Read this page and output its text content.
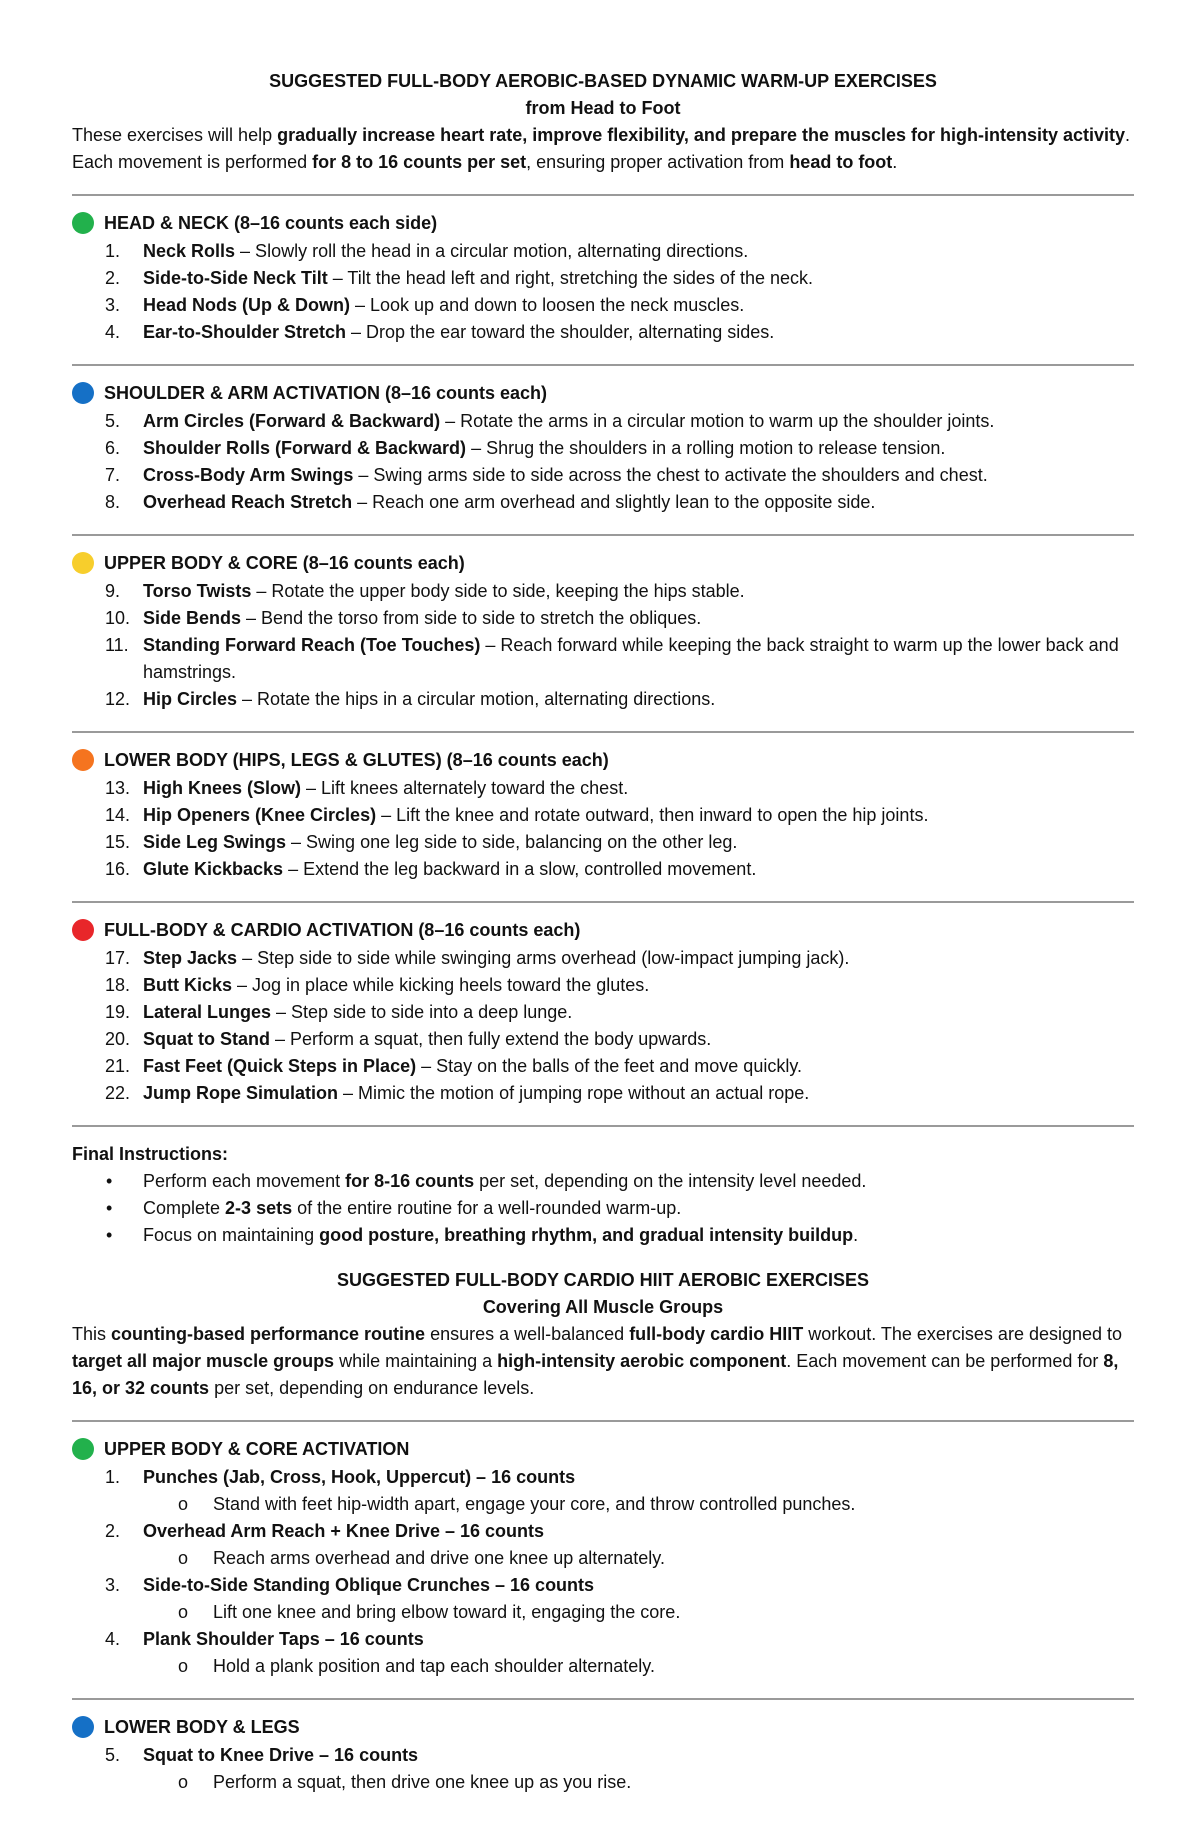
SUGGESTED FULL-BODY AEROBIC-BASED DYNAMIC WARM-UP EXERCISES
from Head to Foot

These exercises will help gradually increase heart rate, improve flexibility, and prepare the muscles for high-intensity activity.
Each movement is performed for 8 to 16 counts per set, ensuring proper activation from head to foot.

HEAD & NECK (8–16 counts each side)
1.	Neck Rolls – Slowly roll the head in a circular motion, alternating directions.
2.	Side-to-Side Neck Tilt – Tilt the head left and right, stretching the sides of the neck.
3.	Head Nods (Up & Down) – Look up and down to loosen the neck muscles.
4.	Ear-to-Shoulder Stretch – Drop the ear toward the shoulder, alternating sides.
SHOULDER & ARM ACTIVATION (8–16 counts each)
5.	Arm Circles (Forward & Backward) – Rotate the arms in a circular motion to warm up the shoulder joints.
6.	Shoulder Rolls (Forward & Backward) – Shrug the shoulders in a rolling motion to release tension.
7.	Cross-Body Arm Swings – Swing arms side to side across the chest to activate the shoulders and chest.
8.	Overhead Reach Stretch – Reach one arm overhead and slightly lean to the opposite side.
UPPER BODY & CORE (8–16 counts each)
9.	Torso Twists – Rotate the upper body side to side, keeping the hips stable.
10. Side Bends – Bend the torso from side to side to stretch the obliques.
11. Standing Forward Reach (Toe Touches) – Reach forward while keeping the back straight to warm up the lower back and hamstrings.
12. Hip Circles – Rotate the hips in a circular motion, alternating directions.
LOWER BODY (HIPS, LEGS & GLUTES) (8–16 counts each)
13. High Knees (Slow) – Lift knees alternately toward the chest.
14. Hip Openers (Knee Circles) – Lift the knee and rotate outward, then inward to open the hip joints.
15. Side Leg Swings – Swing one leg side to side, balancing on the other leg.
16. Glute Kickbacks – Extend the leg backward in a slow, controlled movement.
FULL-BODY & CARDIO ACTIVATION (8–16 counts each)
17. Step Jacks – Step side to side while swinging arms overhead (low-impact jumping jack).
18. Butt Kicks – Jog in place while kicking heels toward the glutes.
19. Lateral Lunges – Step side to side into a deep lunge.
20. Squat to Stand – Perform a squat, then fully extend the body upwards.
21. Fast Feet (Quick Steps in Place) – Stay on the balls of the feet and move quickly.
22. Jump Rope Simulation – Mimic the motion of jumping rope without an actual rope.
Final Instructions:
•	Perform each movement for 8-16 counts per set, depending on the intensity level needed.
•	Complete 2-3 sets of the entire routine for a well-rounded warm-up.
•	Focus on maintaining good posture, breathing rhythm, and gradual intensity buildup.
SUGGESTED FULL-BODY CARDIO HIIT AEROBIC EXERCISES
Covering All Muscle Groups

This counting-based performance routine ensures a well-balanced full-body cardio HIIT workout. The exercises are designed to target all major muscle groups while maintaining a high-intensity aerobic component. Each movement can be performed for 8, 16, or 32 counts per set, depending on endurance levels.

UPPER BODY & CORE ACTIVATION
1.	Punches (Jab, Cross, Hook, Uppercut) – 16 counts
o	Stand with feet hip-width apart, engage your core, and throw controlled punches.
2.	Overhead Arm Reach + Knee Drive – 16 counts
o	Reach arms overhead and drive one knee up alternately.
3.	Side-to-Side Standing Oblique Crunches – 16 counts
o	Lift one knee and bring elbow toward it, engaging the core.
4.	Plank Shoulder Taps – 16 counts
o	Hold a plank position and tap each shoulder alternately.
LOWER BODY & LEGS
5.	Squat to Knee Drive – 16 counts
o	Perform a squat, then drive one knee up as you rise.
